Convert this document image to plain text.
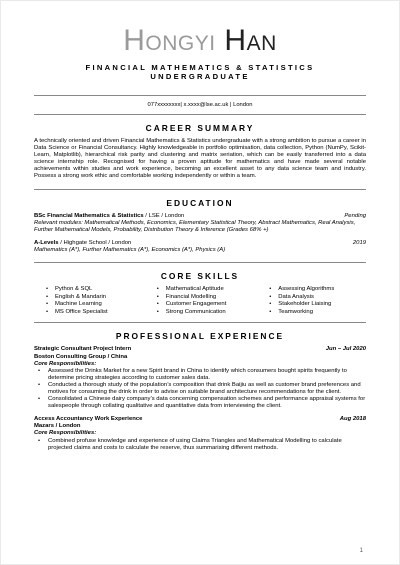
Hongyi Han
FINANCIAL MATHEMATICS & STATISTICS UNDERGRADUATE
077xxxxxxxx| x.xxxx@lse.ac.uk | London
CAREER SUMMARY

A technically oriented and driven Financial Mathematics & Statistics undergraduate with a strong ambition to pursue a career in Data Science or Financial Consultancy. Highly knowledgeable in portfolio optimisation, data collection, Python (NumPy, Scikit-Learn, Matplotlib), hierarchical risk parity and clustering and matrix seriation, which can be easily transferred into a data science internship role. Recognised for having a proven aptitude for mathematics and have made several notable achievements within studies and work experience, becoming an excellent asset to any data science team and industry. Possess a strong work ethic and comfortable working independently or within a team.

EDUCATION
BSc Financial Mathematics & Statistics / LSE / London	Pending
Relevant modules: Mathematical Methods, Economics, Elementary Statistical Theory, Abstract Mathematics, Real Analysis, Further Mathematical Models, Probability, Distribution Theory & Inference (Grades 68% +)
A-Levels / Highgate School / London	2019
Mathematics (A*), Further Mathematics (A*), Economics (A*), Physics (A)
CORE SKILLS
• Python & SQL
• English & Mandarin
• Machine Learning
• MS Office Specialist
• Mathematical Aptitude
• Financial Modelling
• Customer Engagement
• Strong Communication
• Assessing Algorithms
• Data Analysis
• Stakeholder Liaising
• Teamworking
PROFESSIONAL EXPERIENCE
Strategic Consultant Project Intern	Jun – Jul 2020
Boston Consulting Group / China
Core Responsibilities:
• Assessed the Drinks Market for a new Spirit brand in China to identify which consumers bought spirits frequently to determine pricing strategies according to customer sales data.
• Conducted a thorough study of the population’s composition that drink Baijiu as well as customer brand preferences and motives for consuming the drink in order to advise on suitable brand architecture recommendations for the client.
• Consolidated a Chinese dairy company’s data concerning compensation schemes and performance appraisal systems for salespeople through collating qualitative and quantitative data from interviewing the client.
Access Accountancy Work Experience	Aug 2018
Mazars / London
Core Responsibilities:
• Combined profuse knowledge and experience of using Claims Triangles and Mathematical Modelling to calculate projected claims and costs to calculate the reserve, thus summarising different methods.
1
